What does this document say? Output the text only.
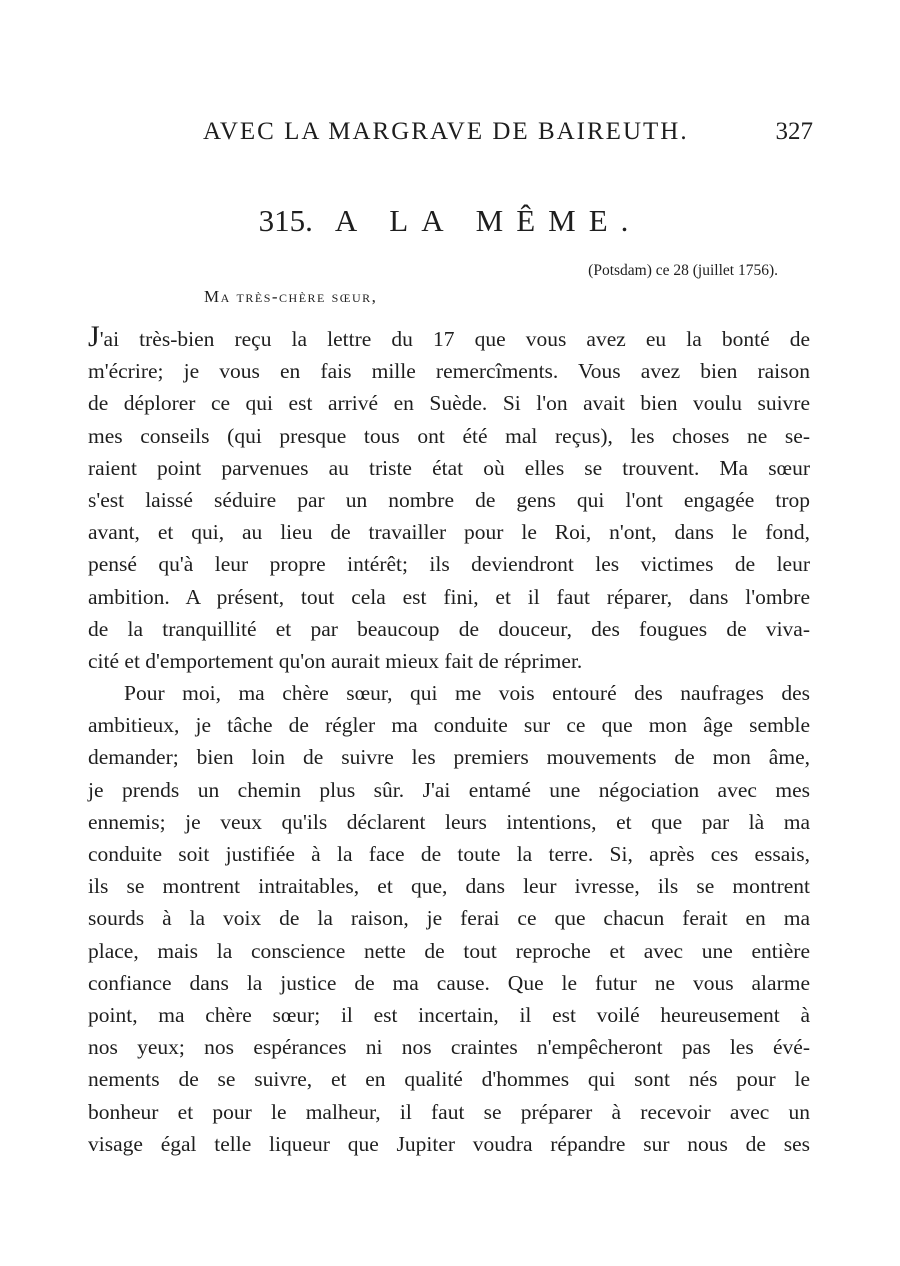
AVEC LA MARGRAVE DE BAIREUTH.	327
315. A LA MÊME.
(Potsdam) ce 28 (juillet 1756).
Ma très-chère sœur,
J'ai très-bien reçu la lettre du 17 que vous avez eu la bonté de
m'écrire; je vous en fais mille remercîments. Vous avez bien raison
de déplorer ce qui est arrivé en Suède. Si l'on avait bien voulu suivre
mes conseils (qui presque tous ont été mal reçus), les choses ne se-
raient point parvenues au triste état où elles se trouvent. Ma sœur
s'est laissé séduire par un nombre de gens qui l'ont engagée trop
avant, et qui, au lieu de travailler pour le Roi, n'ont, dans le fond,
pensé qu'à leur propre intérêt; ils deviendront les victimes de leur
ambition. A présent, tout cela est fini, et il faut réparer, dans l'ombre
de la tranquillité et par beaucoup de douceur, des fougues de viva-
cité et d'emportement qu'on aurait mieux fait de réprimer.
Pour moi, ma chère sœur, qui me vois entouré des naufrages des
ambitieux, je tâche de régler ma conduite sur ce que mon âge semble
demander; bien loin de suivre les premiers mouvements de mon âme,
je prends un chemin plus sûr. J'ai entamé une négociation avec mes
ennemis; je veux qu'ils déclarent leurs intentions, et que par là ma
conduite soit justifiée à la face de toute la terre. Si, après ces essais,
ils se montrent intraitables, et que, dans leur ivresse, ils se montrent
sourds à la voix de la raison, je ferai ce que chacun ferait en ma
place, mais la conscience nette de tout reproche et avec une entière
confiance dans la justice de ma cause. Que le futur ne vous alarme
point, ma chère sœur; il est incertain, il est voilé heureusement à
nos yeux; nos espérances ni nos craintes n'empêcheront pas les évé-
nements de se suivre, et en qualité d'hommes qui sont nés pour le
bonheur et pour le malheur, il faut se préparer à recevoir avec un
visage égal telle liqueur que Jupiter voudra répandre sur nous de ses
